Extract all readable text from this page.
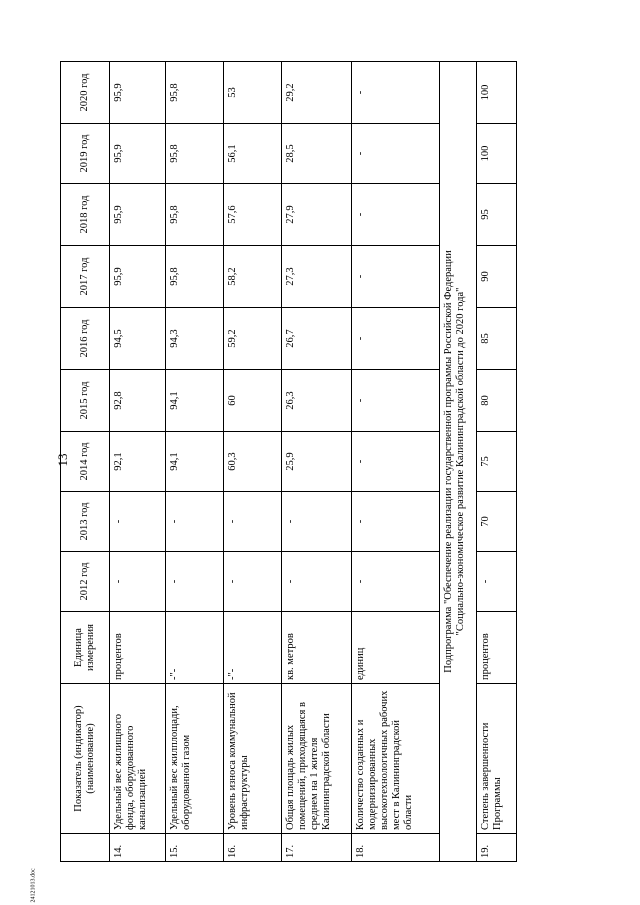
13
	Показатель (индикатор) (наименование)	Единица измерения	2012 год	2013 год	2014 год	2015 год	2016 год	2017 год	2018 год	2019 год	2020 год
14.	Удельный вес жилищного фонда, оборудованного канализацией	процентов	-	-	92,1	92,8	94,5	95,9	95,9	95,9	95,9
15.	Удельный вес жилплощади, оборудованной газом	-"-	-	-	94,1	94,1	94,3	95,8	95,8	95,8	95,8
16.	Уровень износа коммунальной инфраструктуры	-"-	-	-	60,3	60	59,2	58,2	57,6	56,1	53
17.	Общая площадь жилых помещений, приходящаяся в среднем на 1 жителя Калининградской области	кв. метров	-	-	25,9	26,3	26,7	27,3	27,9	28,5	29,2
18.	Количество созданных и модернизированных высокотехнологичных рабочих мест в Калининградской области	единиц	-	-	-	-	-	-	-	-	-

Подпрограмма "Обеспечение реализации государственной программы Российской Федерации "Социально-экономическое развитие Калининградской области до 2020 года"											

19.	Степень завершенности Программы	процентов	-	70	75	80	85	90	95	100	100
24121013.doc
